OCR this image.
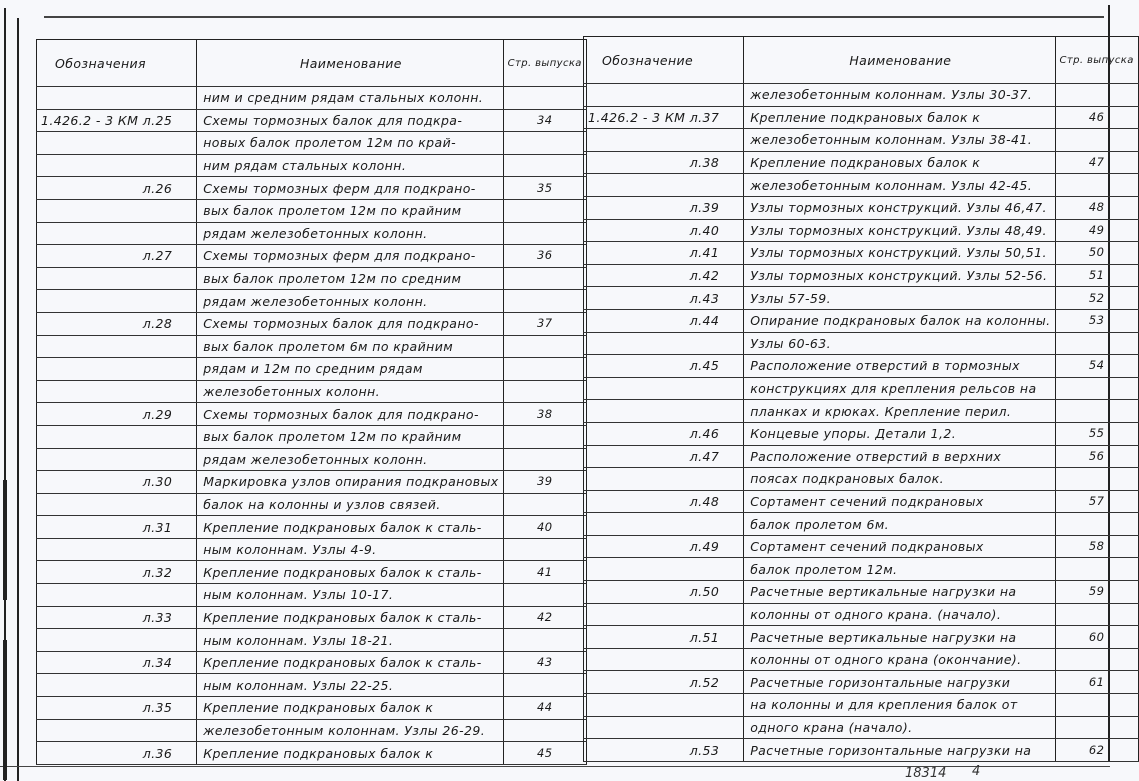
Обозначения	Наименование	Стр. выпуска
	ним и средним рядам стальных колонн.	
1.426.2 - 3 КМ л.25	Схемы тормозных балок для подкра-	34
	новых балок пролетом 12м по край-	
	ним рядам стальных колонн.	
л.26	Схемы тормозных ферм для подкрано-	35
	вых балок пролетом 12м по крайним	
	рядам железобетонных колонн.	
л.27	Схемы тормозных ферм для подкрано-	36
	вых балок пролетом 12м по средним	
	рядам железобетонных колонн.	
л.28	Схемы тормозных балок для подкрано-	37
	вых балок пролетом 6м по крайним	
	рядам и 12м по средним рядам	
	железобетонных колонн.	
л.29	Схемы тормозных балок для подкрано-	38
	вых балок пролетом 12м по крайним	
	рядам железобетонных колонн.	
л.30	Маркировка узлов опирания подкрановых	39
	балок на колонны и узлов связей.	
л.31	Крепление подкрановых балок к сталь-	40
	ным колоннам. Узлы 4-9.	
л.32	Крепление подкрановых балок к сталь-	41
	ным колоннам. Узлы 10-17.	
л.33	Крепление подкрановых балок к сталь-	42
	ным колоннам. Узлы 18-21.	
л.34	Крепление подкрановых балок к сталь-	43
	ным колоннам. Узлы 22-25.	
л.35	Крепление подкрановых балок к	44
	железобетонным колоннам. Узлы 26-29.	
л.36	Крепление подкрановых балок к	45
Обозначение	Наименование	Стр. выпуска
	железобетонным колоннам. Узлы 30-37.	
1.426.2 - 3 КМ л.37	Крепление подкрановых балок к	46
	железобетонным колоннам. Узлы 38-41.	
л.38	Крепление подкрановых балок к	47
	железобетонным колоннам. Узлы 42-45.	
л.39	Узлы тормозных конструкций. Узлы 46,47.	48
л.40	Узлы тормозных конструкций. Узлы 48,49.	49
л.41	Узлы тормозных конструкций. Узлы 50,51.	50
л.42	Узлы тормозных конструкций. Узлы 52-56.	51
л.43	Узлы 57-59.	52
л.44	Опирание подкрановых балок на колонны.	53
	Узлы 60-63.	
л.45	Расположение отверстий в тормозных	54
	конструкциях для крепления рельсов на	
	планках и крюках. Крепление перил.	
л.46	Концевые упоры. Детали 1,2.	55
л.47	Расположение отверстий в верхних	56
	поясах подкрановых балок.	
л.48	Сортамент сечений подкрановых	57
	балок пролетом 6м.	
л.49	Сортамент сечений подкрановых	58
	балок пролетом 12м.	
л.50	Расчетные вертикальные нагрузки на	59
	колонны от одного крана. (начало).	
л.51	Расчетные вертикальные нагрузки на	60
	колонны от одного крана (окончание).	
л.52	Расчетные горизонтальные нагрузки	61
	на колонны и для крепления балок от	
	одного крана (начало).	
л.53	Расчетные горизонтальные нагрузки на	62
18314 4
